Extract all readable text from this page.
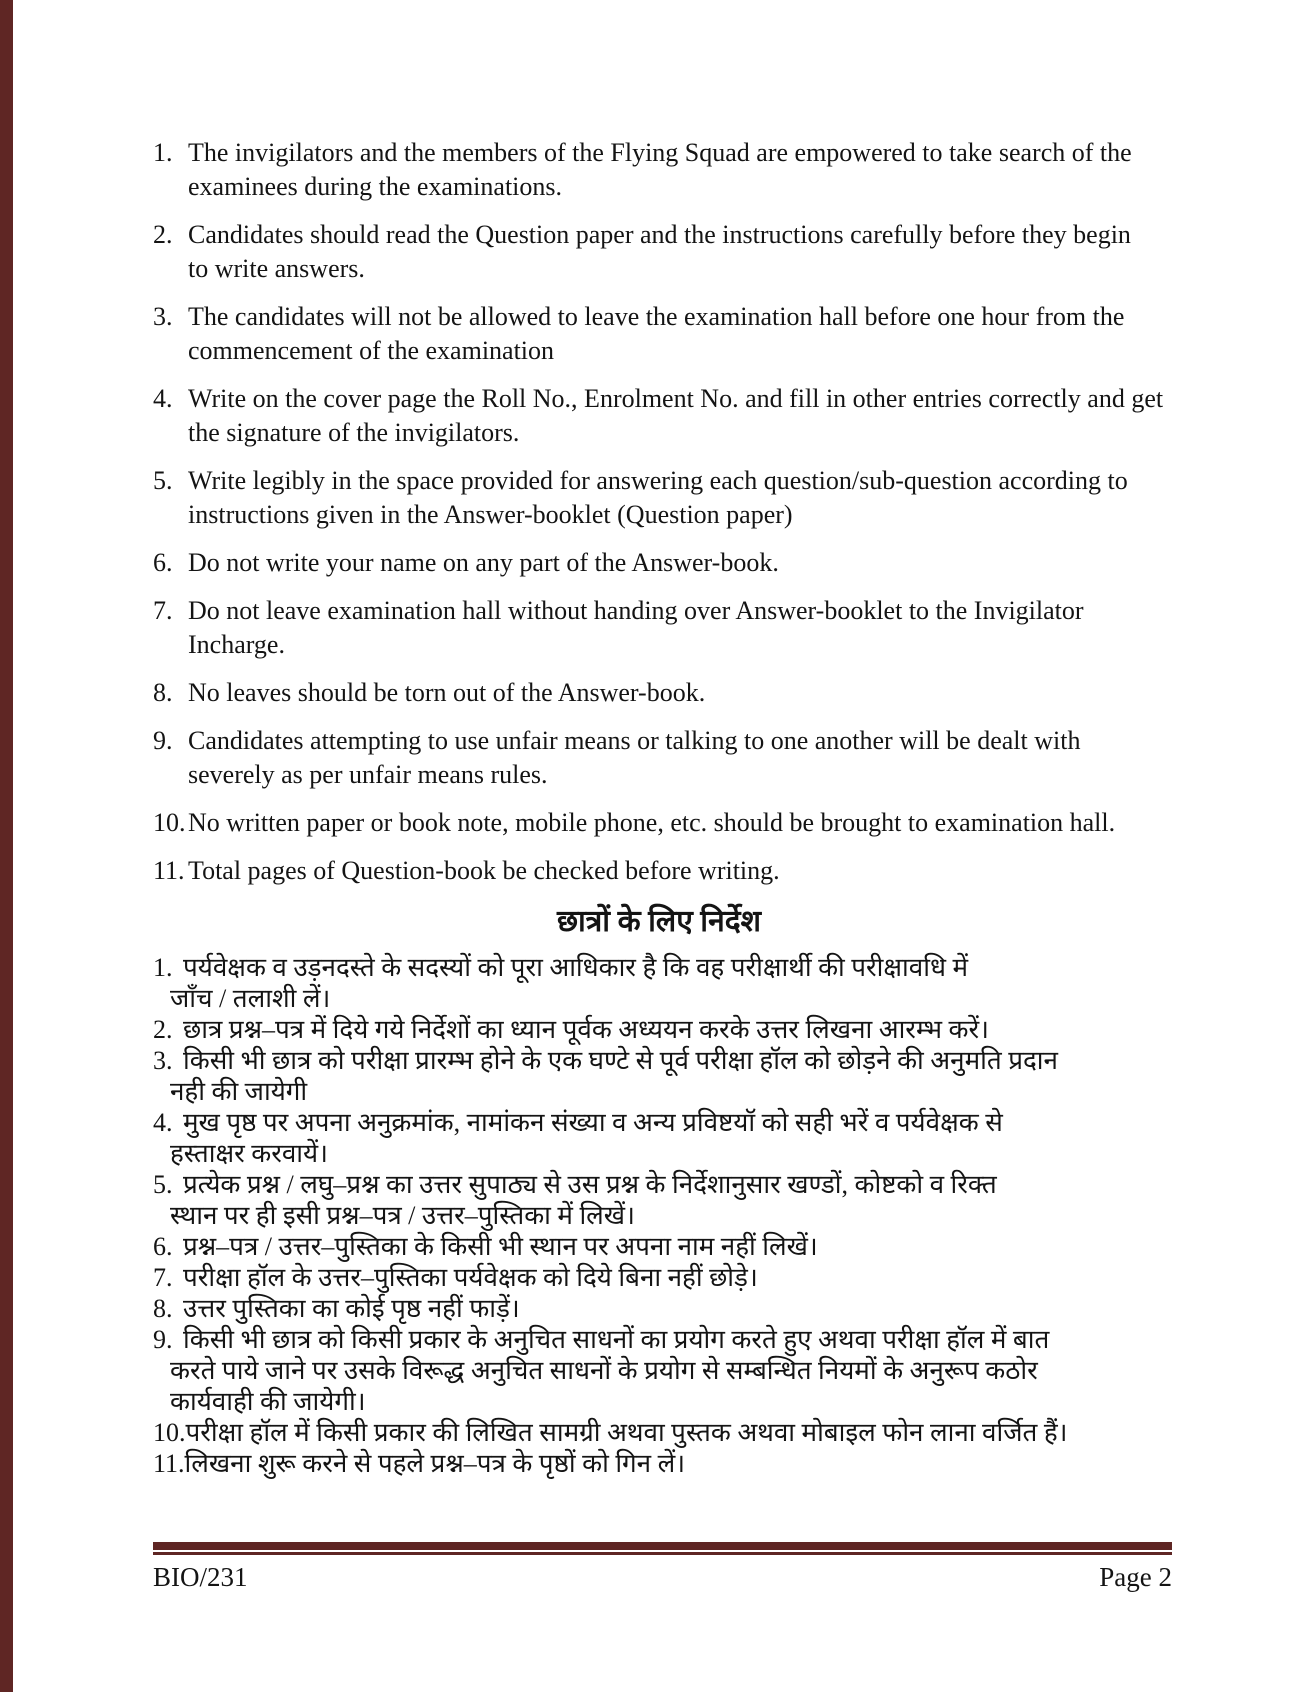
1. The invigilators and the members of the Flying Squad are empowered to take search of the
examinees during the examinations.
2. Candidates should read the Question paper and the instructions carefully before they begin
to write answers.
3. The candidates will not be allowed to leave the examination hall before one hour from the
commencement of the examination
4. Write on the cover page the Roll No., Enrolment No. and fill in other entries correctly and get
the signature of the invigilators.
5. Write legibly in the space provided for answering each question/sub-question according to
instructions given in the Answer-booklet (Question paper)
6. Do not write your name on any part of the Answer-book.
7. Do not leave examination hall without handing over Answer-booklet to the Invigilator
Incharge.
8. No leaves should be torn out of the Answer-book.
9. Candidates attempting to use unfair means or talking to one another will be dealt with
severely as per unfair means rules.
10.No written paper or book note, mobile phone, etc. should be brought to examination hall.
11. Total pages of Question-book be checked before writing.
छात्रों के लिए निर्देश
1. पर्यवेक्षक व उड़नदस्ते के सदस्यों को पूरा आधिकार है कि वह परीक्षार्थी की परीक्षावधि में
जाँच / तलाशी लें।
2. छात्र प्रश्न–पत्र में दिये गये निर्देशों का ध्यान पूर्वक अध्ययन करके उत्तर लिखना आरम्भ करें।
3. किसी भी छात्र को परीक्षा प्रारम्भ होने के एक घण्टे से पूर्व परीक्षा हॉल को छोड़ने की अनुमति प्रदान
नही की जायेगी
4. मुख पृष्ठ पर अपना अनुक्रमांक, नामांकन संख्या व अन्य प्रविष्टयॉ को सही भरें व पर्यवेक्षक से
हस्ताक्षर करवायें।
5. प्रत्येक प्रश्न / लघु–प्रश्न का उत्तर सुपाठ्य से उस प्रश्न के निर्देशानुसार खण्डों, कोष्टको व रिक्त
स्थान पर ही इसी प्रश्न–पत्र / उत्तर–पुस्तिका में लिखें।
6. प्रश्न–पत्र / उत्तर–पुस्तिका के किसी भी स्थान पर अपना नाम नहीं लिखें।
7. परीक्षा हॉल के उत्तर–पुस्तिका पर्यवेक्षक को दिये बिना नहीं छोड़े।
8. उत्तर पुस्तिका का कोई पृष्ठ नहीं फाड़ें।
9. किसी भी छात्र को किसी प्रकार के अनुचित साधनों का प्रयोग करते हुए अथवा परीक्षा हॉल में बात
करते पाये जाने पर उसके विरूद्ध अनुचित साधनों के प्रयोग से सम्बन्धित नियमों के अनुरूप कठोर
कार्यवाही की जायेगी।
10.परीक्षा हॉल में किसी प्रकार की लिखित सामग्री अथवा पुस्तक अथवा मोबाइल फोन लाना वर्जित हैं।
11.लिखना शुरू करने से पहले प्रश्न–पत्र के पृष्ठों को गिन लें।
BIO/231	Page 2
